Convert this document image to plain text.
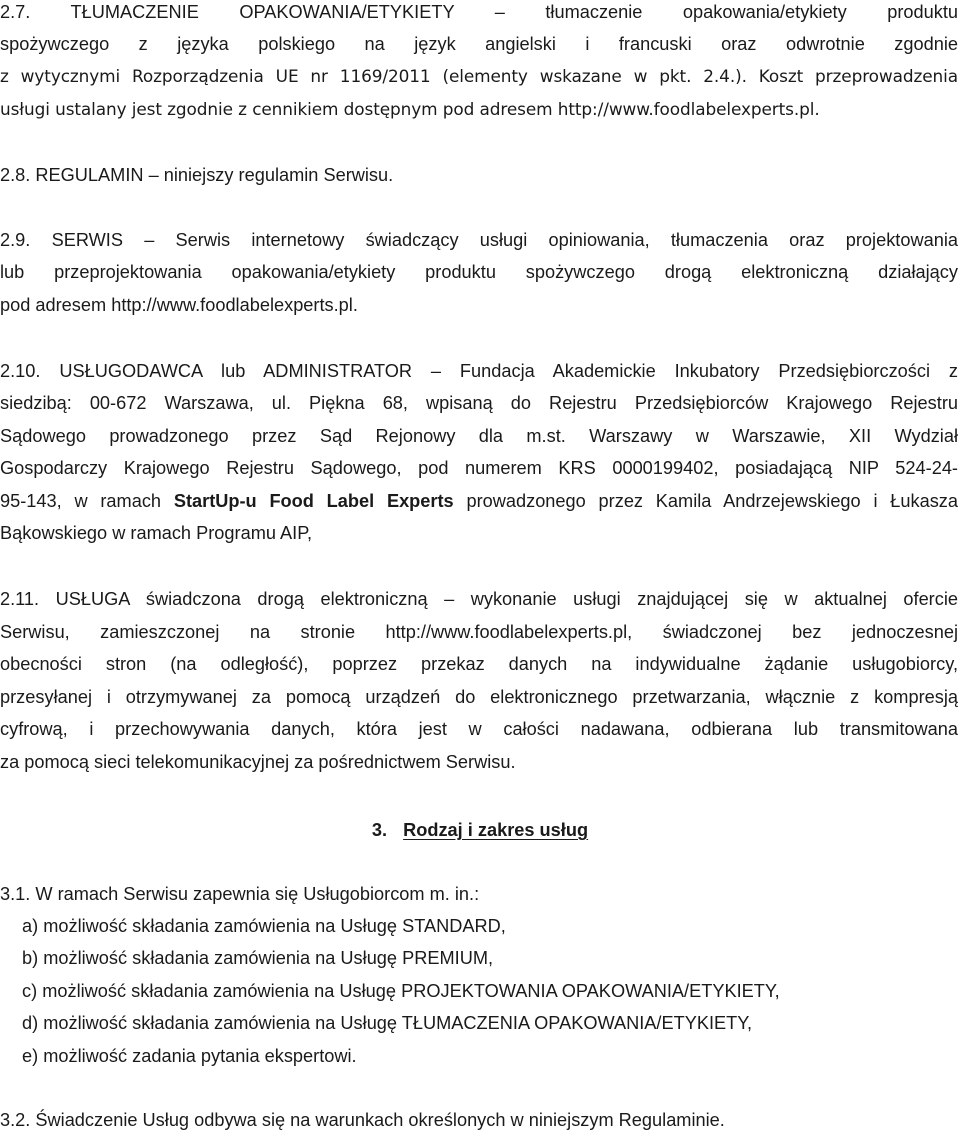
2.7. TŁUMACZENIE OPAKOWANIA/ETYKIETY – tłumaczenie opakowania/etykiety produktu
spożywczego z języka polskiego na język angielski i francuski oraz odwrotnie zgodnie
z wytycznymi Rozporządzenia UE nr 1169/2011 (elementy wskazane w pkt. 2.4.). Koszt przeprowadzenia
usługi ustalany jest zgodnie z cennikiem dostępnym pod adresem http://www.foodlabelexperts.pl.
2.8. REGULAMIN – niniejszy regulamin Serwisu.
2.9. SERWIS – Serwis internetowy świadczący usługi opiniowania, tłumaczenia oraz projektowania
lub przeprojektowania opakowania/etykiety produktu spożywczego drogą elektroniczną działający
pod adresem http://www.foodlabelexperts.pl.
2.10. USŁUGODAWCA lub ADMINISTRATOR – Fundacja Akademickie Inkubatory Przedsiębiorczości z
siedzibą: 00-672 Warszawa, ul. Piękna 68, wpisaną do Rejestru Przedsiębiorców Krajowego Rejestru
Sądowego prowadzonego przez Sąd Rejonowy dla m.st. Warszawy w Warszawie, XII Wydział
Gospodarczy Krajowego Rejestru Sądowego, pod numerem KRS 0000199402, posiadającą NIP 524-24-
95-143, w ramach StartUp-u Food Label Experts prowadzonego przez Kamila Andrzejewskiego i Łukasza
Bąkowskiego w ramach Programu AIP,
2.11. USŁUGA świadczona drogą elektroniczną – wykonanie usługi znajdującej się w aktualnej ofercie
Serwisu, zamieszczonej na stronie http://www.foodlabelexperts.pl, świadczonej bez jednoczesnej
obecności stron (na odległość), poprzez przekaz danych na indywidualne żądanie usługobiorcy,
przesyłanej i otrzymywanej za pomocą urządzeń do elektronicznego przetwarzania, włącznie z kompresją
cyfrową, i przechowywania danych, która jest w całości nadawana, odbierana lub transmitowana
za pomocą sieci telekomunikacyjnej za pośrednictwem Serwisu.
3. Rodzaj i zakres usług
3.1. W ramach Serwisu zapewnia się Usługobiorcom m. in.:
a) możliwość składania zamówienia na Usługę STANDARD,
b) możliwość składania zamówienia na Usługę PREMIUM,
c) możliwość składania zamówienia na Usługę PROJEKTOWANIA OPAKOWANIA/ETYKIETY,
d) możliwość składania zamówienia na Usługę TŁUMACZENIA OPAKOWANIA/ETYKIETY,
e) możliwość zadania pytania ekspertowi.
3.2. Świadczenie Usług odbywa się na warunkach określonych w niniejszym Regulaminie.
